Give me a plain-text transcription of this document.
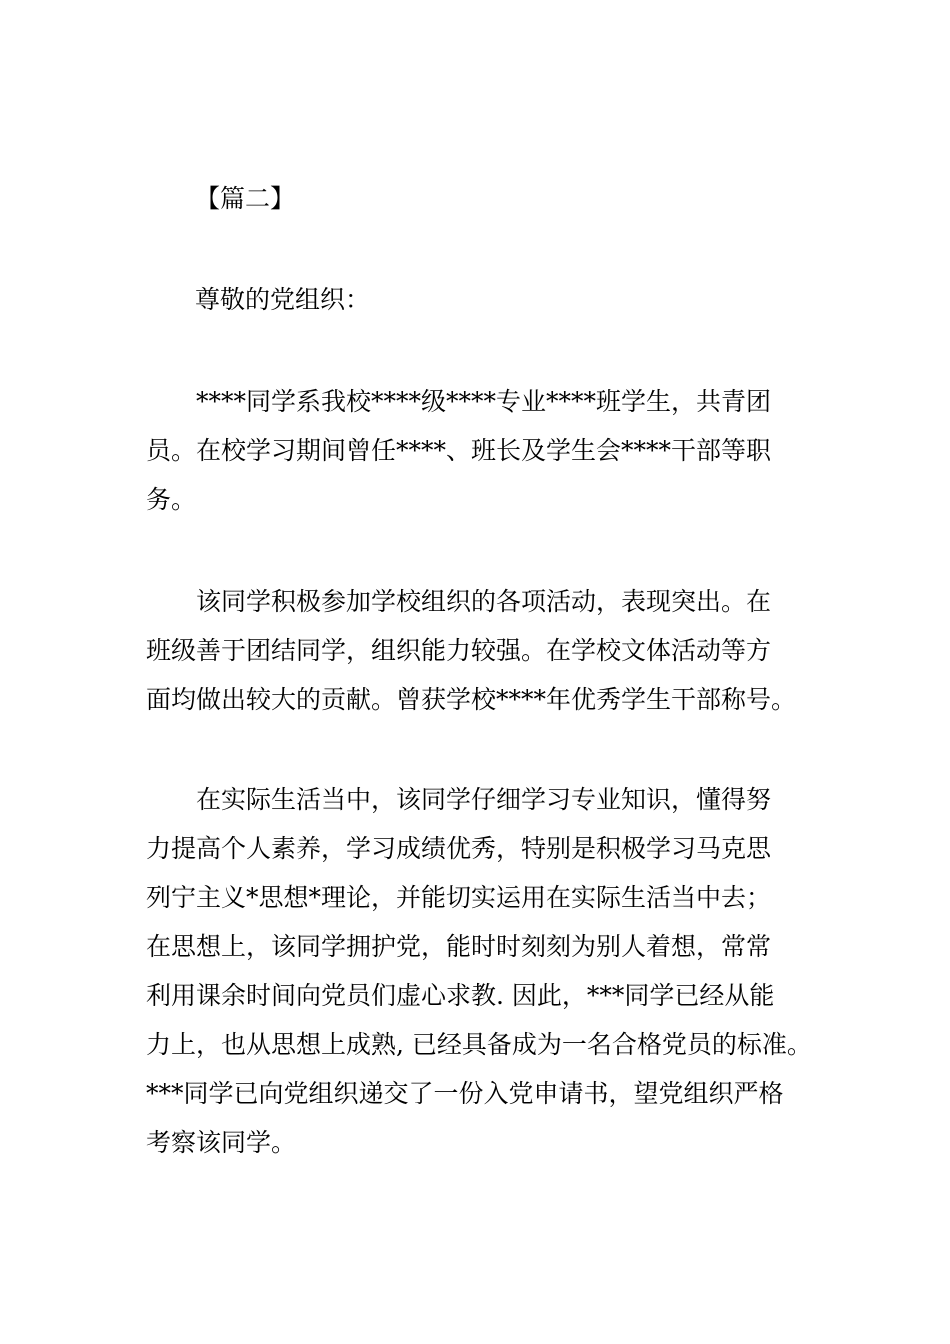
【篇二】
尊敬的党组织：
****同学系我校****级****专业****班学生，共青团
员。在校学习期间曾任****、班长及学生会****干部等职
务。
该同学积极参加学校组织的各项活动，表现突出。在
班级善于团结同学，组织能力较强。在学校文体活动等方
面均做出较大的贡献。曾获学校****年优秀学生干部称号。
在实际生活当中，该同学仔细学习专业知识，懂得努
力提高个人素养，学习成绩优秀，特别是积极学习马克思
列宁主义*思想*理论，并能切实运用在实际生活当中去；
在思想上，该同学拥护党，能时时刻刻为别人着想，常常
利用课余时间向党员们虚心求教. 因此，***同学已经从能
力上，也从思想上成熟, 已经具备成为一名合格党员的标准。
***同学已向党组织递交了一份入党申请书，望党组织严格
考察该同学。
